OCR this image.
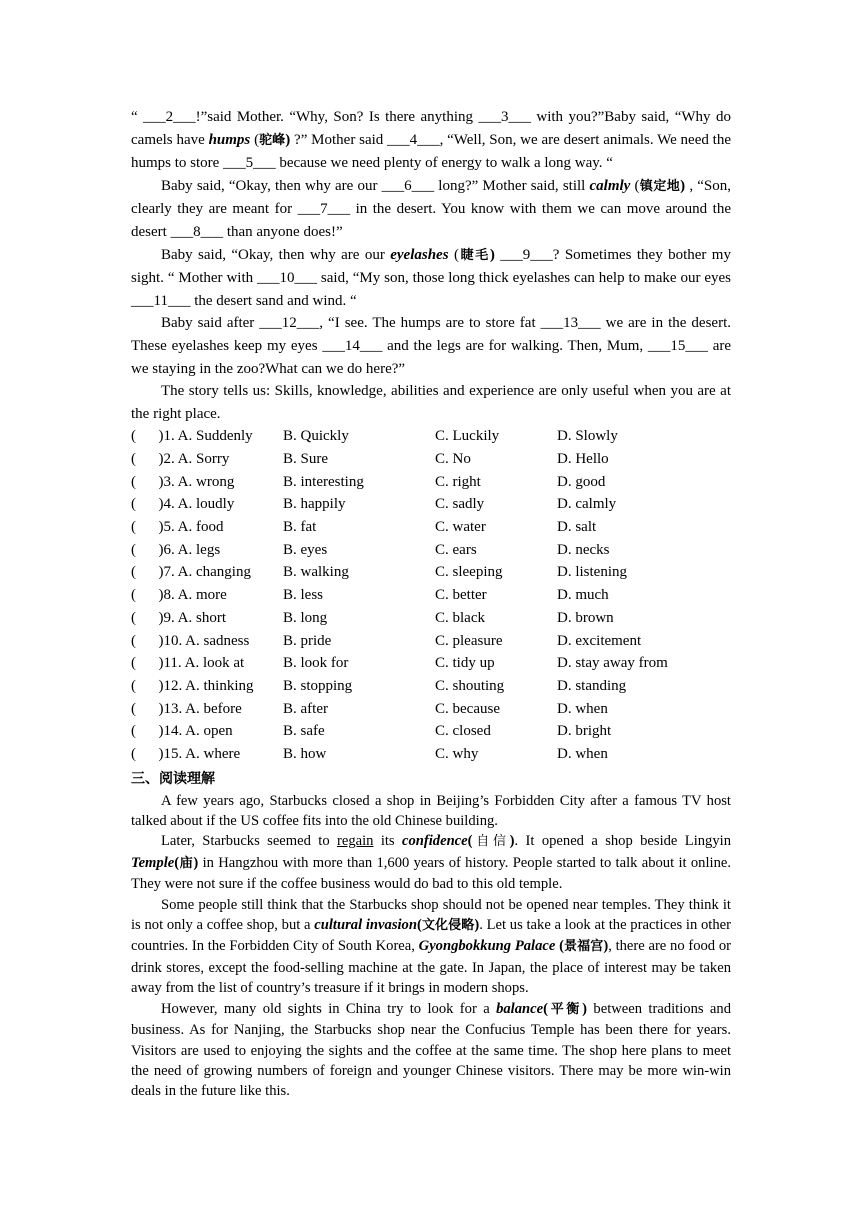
“ ___2___!”said Mother. “Why, Son? Is there anything ___3___ with you?”Baby said, “Why do camels have humps (驼峰) ?” Mother said ___4___, “Well, Son, we are desert animals. We need the humps to store ___5___ because we need plenty of energy to walk a long way. “

Baby said, “Okay, then why are our ___6___ long?” Mother said, still calmly (镇定地) , “Son, clearly they are meant for ___7___ in the desert. You know with them we can move around the desert ___8___ than anyone does!”

Baby said, “Okay, then why are our eyelashes (睫毛) ___9___? Sometimes they bother my sight. “ Mother with ___10___ said, “My son, those long thick eyelashes can help to make our eyes ___11___ the desert sand and wind. “

Baby said after ___12___, “I see. The humps are to store fat ___13___ we are in the desert. These eyelashes keep my eyes ___14___ and the legs are for walking. Then, Mum, ___15___ are we staying in the zoo?What can we do here?”

The story tells us: Skills, knowledge, abilities and experience are only useful when you are at the right place.

(      )1. A. Suddenly	B. Quickly	C. Luckily	D. Slowly
(      )2. A. Sorry	B. Sure	C. No	D. Hello
(      )3. A. wrong	B. interesting	C. right	D. good
(      )4. A. loudly	B. happily	C. sadly	D. calmly
(      )5. A. food	B. fat	C. water	D. salt
(      )6. A. legs	B. eyes	C. ears	D. necks
(      )7. A. changing	B. walking	C. sleeping	D. listening
(      )8. A. more	B. less	C. better	D. much
(      )9. A. short	B. long	C. black	D. brown
(      )10. A. sadness	B. pride	C. pleasure	D. excitement
(      )11. A. look at	B. look for	C. tidy up	D. stay away from
(      )12. A. thinking	B. stopping	C. shouting	D. standing
(      )13. A. before	B. after	C. because	D. when
(      )14. A. open	B. safe	C. closed	D. bright
(      )15. A. where	B. how	C. why	D. when
三、阅读理解

A few years ago, Starbucks closed a shop in Beijing’s Forbidden City after a famous TV host talked about if the US coffee fits into the old Chinese building.

Later, Starbucks seemed to regain its confidence(自信). It opened a shop beside Lingyin Temple(庙) in Hangzhou with more than 1,600 years of history. People started to talk about it online. They were not sure if the coffee business would do bad to this old temple.

Some people still think that the Starbucks shop should not be opened near temples. They think it is not only a coffee shop, but a cultural invasion(文化侵略). Let us take a look at the practices in other countries. In the Forbidden City of South Korea, Gyongbokkung Palace (景福宫), there are no food or drink stores, except the food-selling machine at the gate. In Japan, the place of interest may be taken away from the list of country’s treasure if it brings in modern shops.

However, many old sights in China try to look for a balance(平衡) between traditions and business. As for Nanjing, the Starbucks shop near the Confucius Temple has been there for years. Visitors are used to enjoying the sights and the coffee at the same time. The shop here plans to meet the need of growing numbers of foreign and younger Chinese visitors. There may be more win-win deals in the future like this.
